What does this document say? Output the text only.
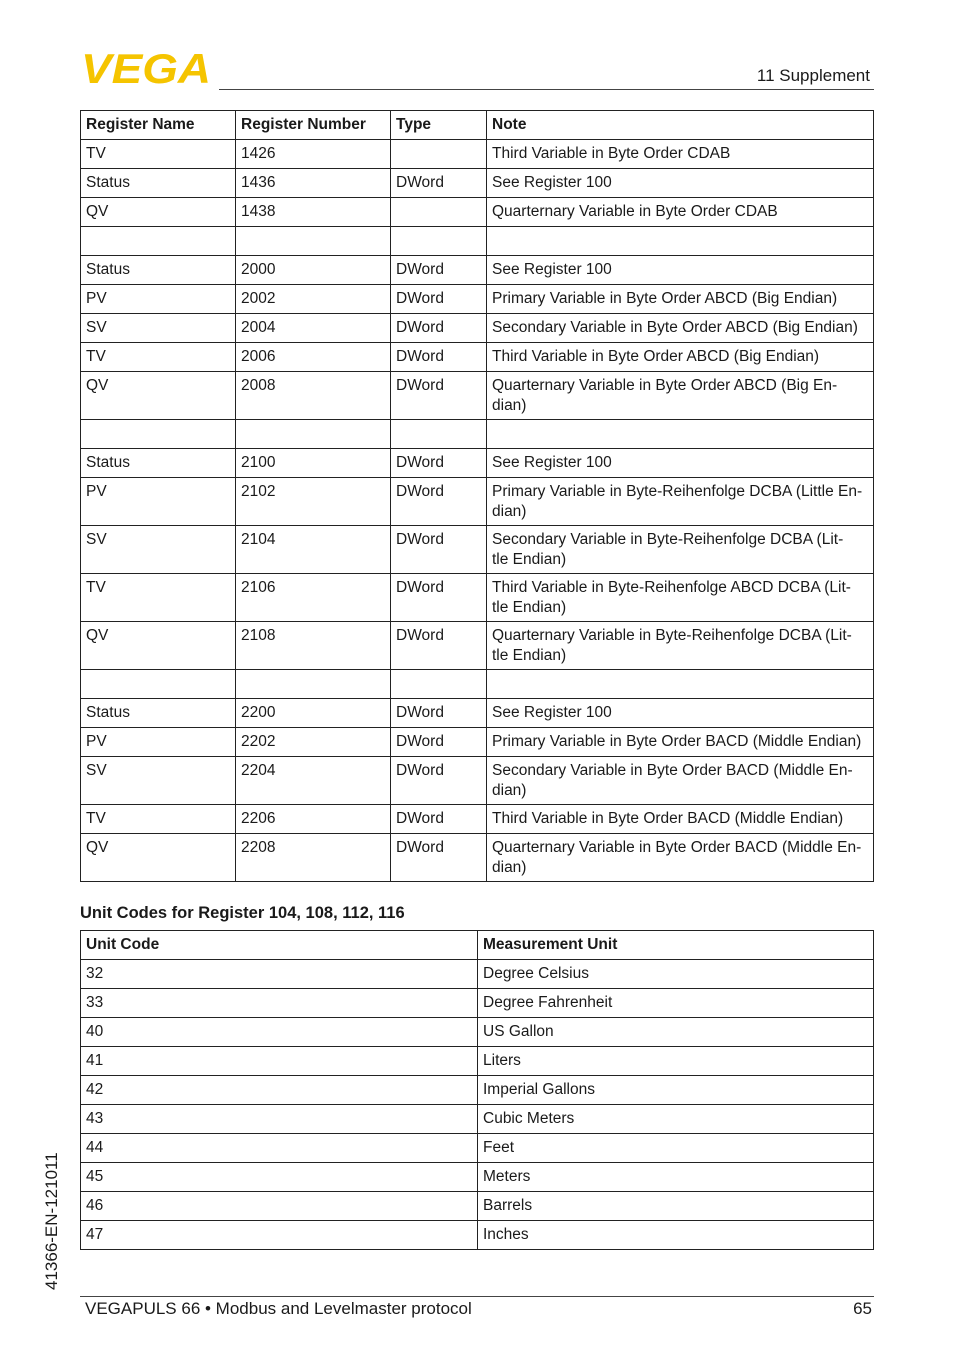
VEGA	11 Supplement
Register Name	Register Number	Type	Note
TV	1426		Third Variable in Byte Order CDAB
Status	1436	DWord	See Register 100
QV	1438		Quarternary Variable in Byte Order CDAB

Status	2000	DWord	See Register 100
PV	2002	DWord	Primary Variable in Byte Order ABCD (Big Endian)
SV	2004	DWord	Secondary Variable in Byte Order ABCD (Big Endian)
TV	2006	DWord	Third Variable in Byte Order ABCD (Big Endian)
QV	2008	DWord	Quarternary Variable in Byte Order ABCD (Big En-
dian)

Status	2100	DWord	See Register 100
PV	2102	DWord	Primary Variable in Byte-Reihenfolge DCBA (Little En-
dian)
SV	2104	DWord	Secondary Variable in Byte-Reihenfolge DCBA (Lit-
tle Endian)
TV	2106	DWord	Third Variable in Byte-Reihenfolge ABCD DCBA (Lit-
tle Endian)
QV	2108	DWord	Quarternary Variable in Byte-Reihenfolge DCBA (Lit-
tle Endian)

Status	2200	DWord	See Register 100
PV	2202	DWord	Primary Variable in Byte Order BACD (Middle Endian)
SV	2204	DWord	Secondary Variable in Byte Order BACD (Middle En-
dian)
TV	2206	DWord	Third Variable in Byte Order BACD (Middle Endian)
QV	2208	DWord	Quarternary Variable in Byte Order BACD (Middle En-
dian)
Unit Codes for Register 104, 108, 112, 116
Unit Code	Measurement Unit
32	Degree Celsius
33	Degree Fahrenheit
40	US Gallon
41	Liters
42	Imperial Gallons
43	Cubic Meters
44	Feet
45	Meters
46	Barrels
47	Inches
41366-EN-121011
VEGAPULS 66 • Modbus and Levelmaster protocol	65
